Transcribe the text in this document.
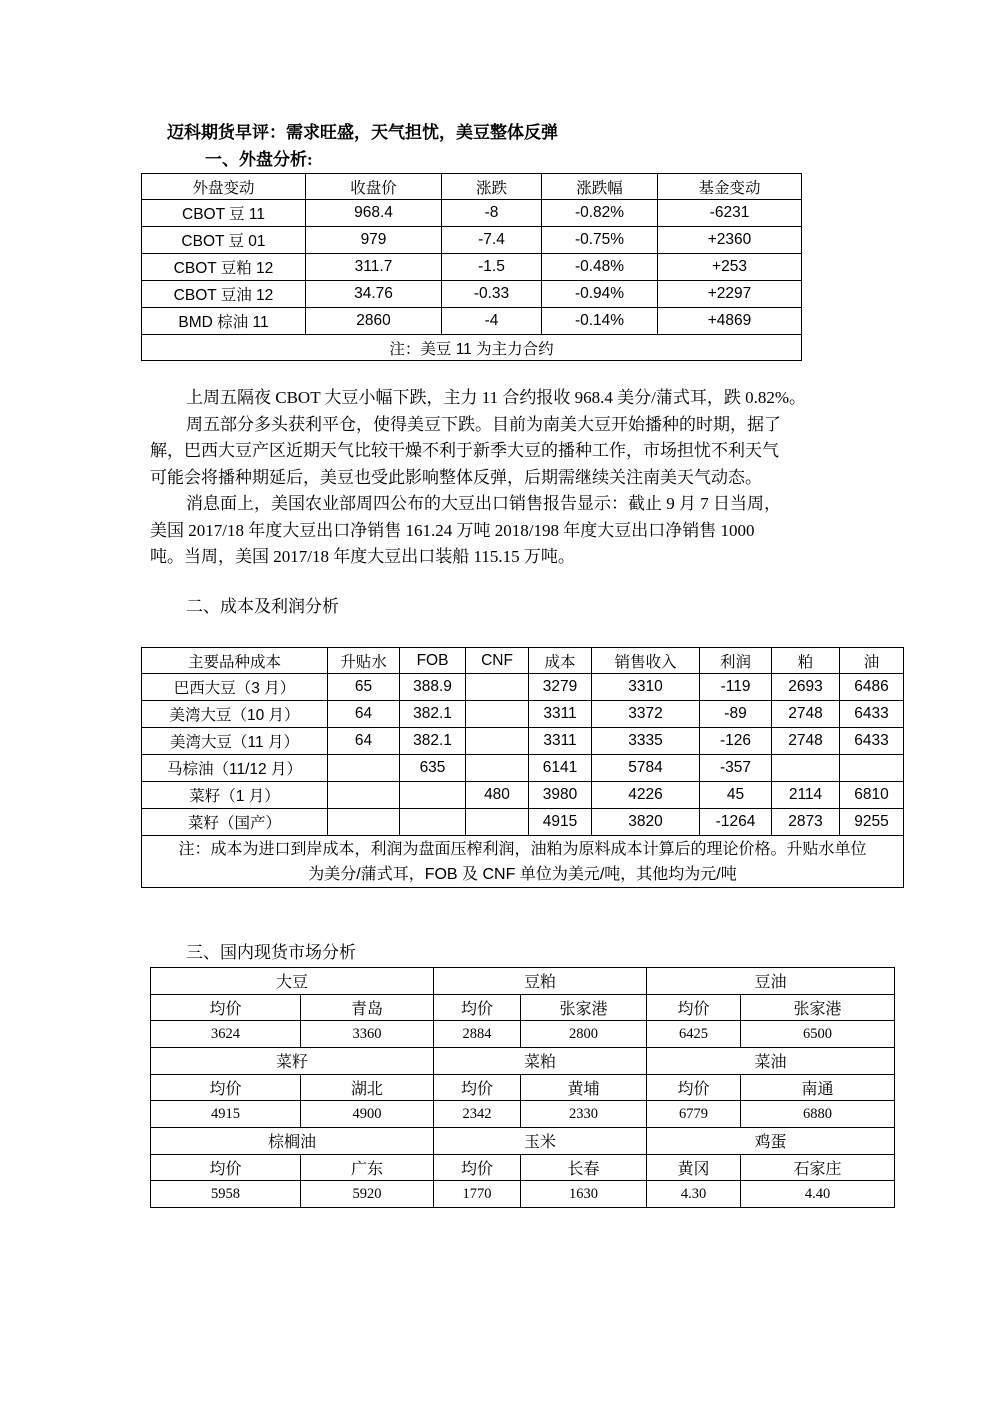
迈科期货早评：需求旺盛，天气担忧，美豆整体反弹
一、外盘分析:
外盘变动	收盘价	涨跌	涨跌幅	基金变动
CBOT 豆 11	968.4	-8	-0.82%	-6231
CBOT 豆 01	979	-7.4	-0.75%	+2360
CBOT 豆粕 12	311.7	-1.5	-0.48%	+253
CBOT 豆油 12	34.76	-0.33	-0.94%	+2297
BMD 棕油 11	2860	-4	-0.14%	+4869
注：美豆 11 为主力合约				
上周五隔夜 CBOT 大豆小幅下跌，主力 11 合约报收 968.4 美分/蒲式耳，跌 0.82%。
周五部分多头获利平仓，使得美豆下跌。目前为南美大豆开始播种的时期，据了
解，巴西大豆产区近期天气比较干燥不利于新季大豆的播种工作，市场担忧不利天气
可能会将播种期延后，美豆也受此影响整体反弹，后期需继续关注南美天气动态。
消息面上，美国农业部周四公布的大豆出口销售报告显示：截止 9 月 7 日当周，
美国 2017/18 年度大豆出口净销售 161.24 万吨 2018/198 年度大豆出口净销售 1000
吨。当周，美国 2017/18 年度大豆出口装船 115.15 万吨。
二、成本及利润分析
主要品种成本	升贴水	FOB	CNF	成本	销售收入	利润	粕	油
巴西大豆（3 月）	65	388.9		3279	3310	-119	2693	6486
美湾大豆（10 月）	64	382.1		3311	3372	-89	2748	6433
美湾大豆（11 月）	64	382.1		3311	3335	-126	2748	6433
马棕油（11/12 月）		635		6141	5784	-357		
菜籽（1 月）			480	3980	4226	45	2114	6810
菜籽（国产）				4915	3820	-1264	2873	9255

注：成本为进口到岸成本，利润为盘面压榨利润，油粕为原料成本计算后的理论价格。升贴水单位
为美分/蒲式耳，FOB 及 CNF 单位为美元/吨，其他均为元/吨								
三、国内现货市场分析
大豆		豆粕		豆油	
均价	青岛	均价	张家港	均价	张家港
3624	3360	2884	2800	6425	6500
菜籽		菜粕		菜油	
均价	湖北	均价	黄埔	均价	南通
4915	4900	2342	2330	6779	6880
棕榈油		玉米		鸡蛋	
均价	广东	均价	长春	黄冈	石家庄
5958	5920	1770	1630	4.30	4.40
